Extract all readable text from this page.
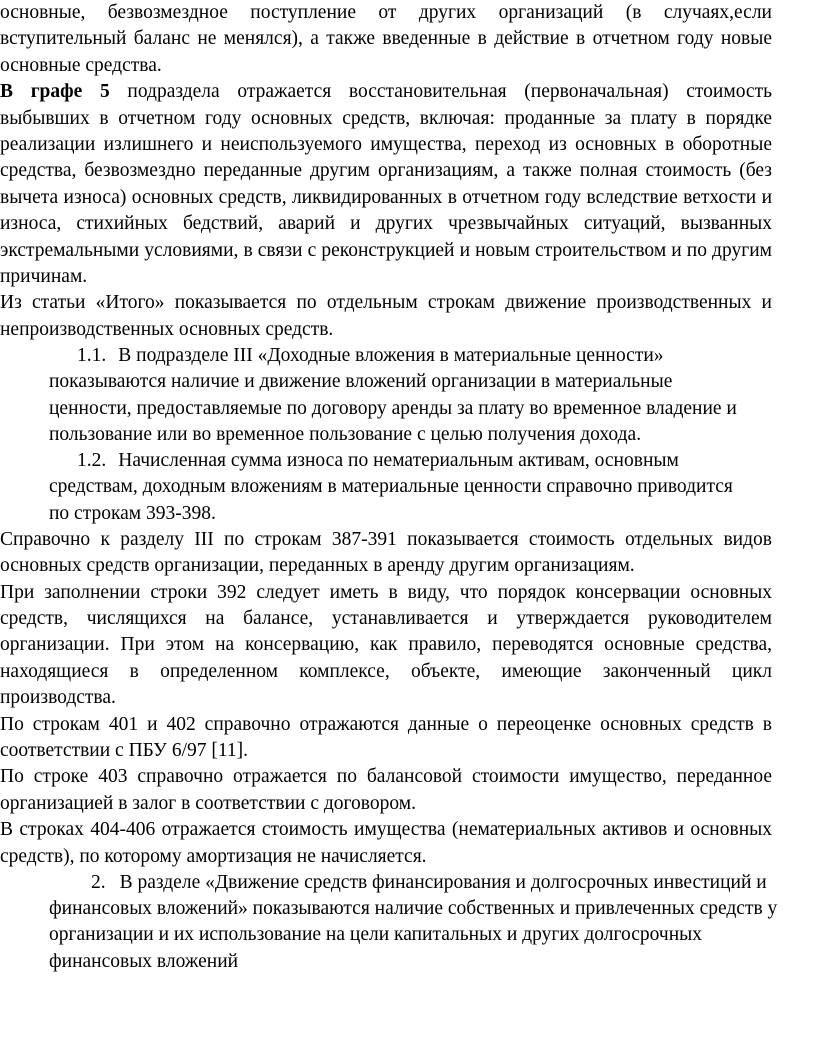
основные, безвозмездное поступление от других организаций (в случаях,если вступительный баланс не менялся), а также введенные в действие в отчетном году новые основные средства.

В графе 5 подраздела отражается восстановительная (первоначальная) стоимость выбывших в отчетном году основных средств, включая: проданные за плату в порядке реализации излишнего и неиспользуемого имущества, переход из основных в оборотные средства, безвозмездно переданные другим организациям, а также полная стоимость (без вычета износа) основных средств, ликвидированных в отчетном году вследствие ветхости и износа, стихийных бедствий, аварий и других чрезвычайных ситуаций, вызванных экстремальными условиями, в связи с реконструкцией и новым строительством и по другим причинам.

Из статьи «Итого» показывается по отдельным строкам движение производственных и непроизводственных основных средств.

1.1. В подразделе III «Доходные вложения в материальные ценности» показываются наличие и движение вложений организации в материальные ценности, предоставляемые по договору аренды за плату во временное владение и пользование или во временное пользование с целью получения дохода.

1.2. Начисленная сумма износа по нематериальным активам, основным средствам, доходным вложениям в материальные ценности справочно приводится по строкам 393-398.

Справочно к разделу III по строкам 387-391 показывается стоимость отдельных видов основных средств организации, переданных в аренду другим организациям.

При заполнении строки 392 следует иметь в виду, что порядок консервации основных средств, числящихся на балансе, устанавливается и утверждается руководителем организации. При этом на консервацию, как правило, переводятся основные средства, находящиеся в определенном комплексе, объекте, имеющие законченный цикл производства.

По строкам 401 и 402 справочно отражаются данные о переоценке основных средств в соответствии с ПБУ 6/97 [11].

По строке 403 справочно отражается по балансовой стоимости имущество, переданное организацией в залог в соответствии с договором.

В строках 404-406 отражается стоимость имущества (нематериальных активов и основных средств), по которому амортизация не начисляется.

2. В разделе «Движение средств финансирования и долгосрочных инвестиций и финансовых вложений» показываются наличие собственных и привлеченных средств у организации и их использование на цели капитальных и других долгосрочных финансовых вложений
